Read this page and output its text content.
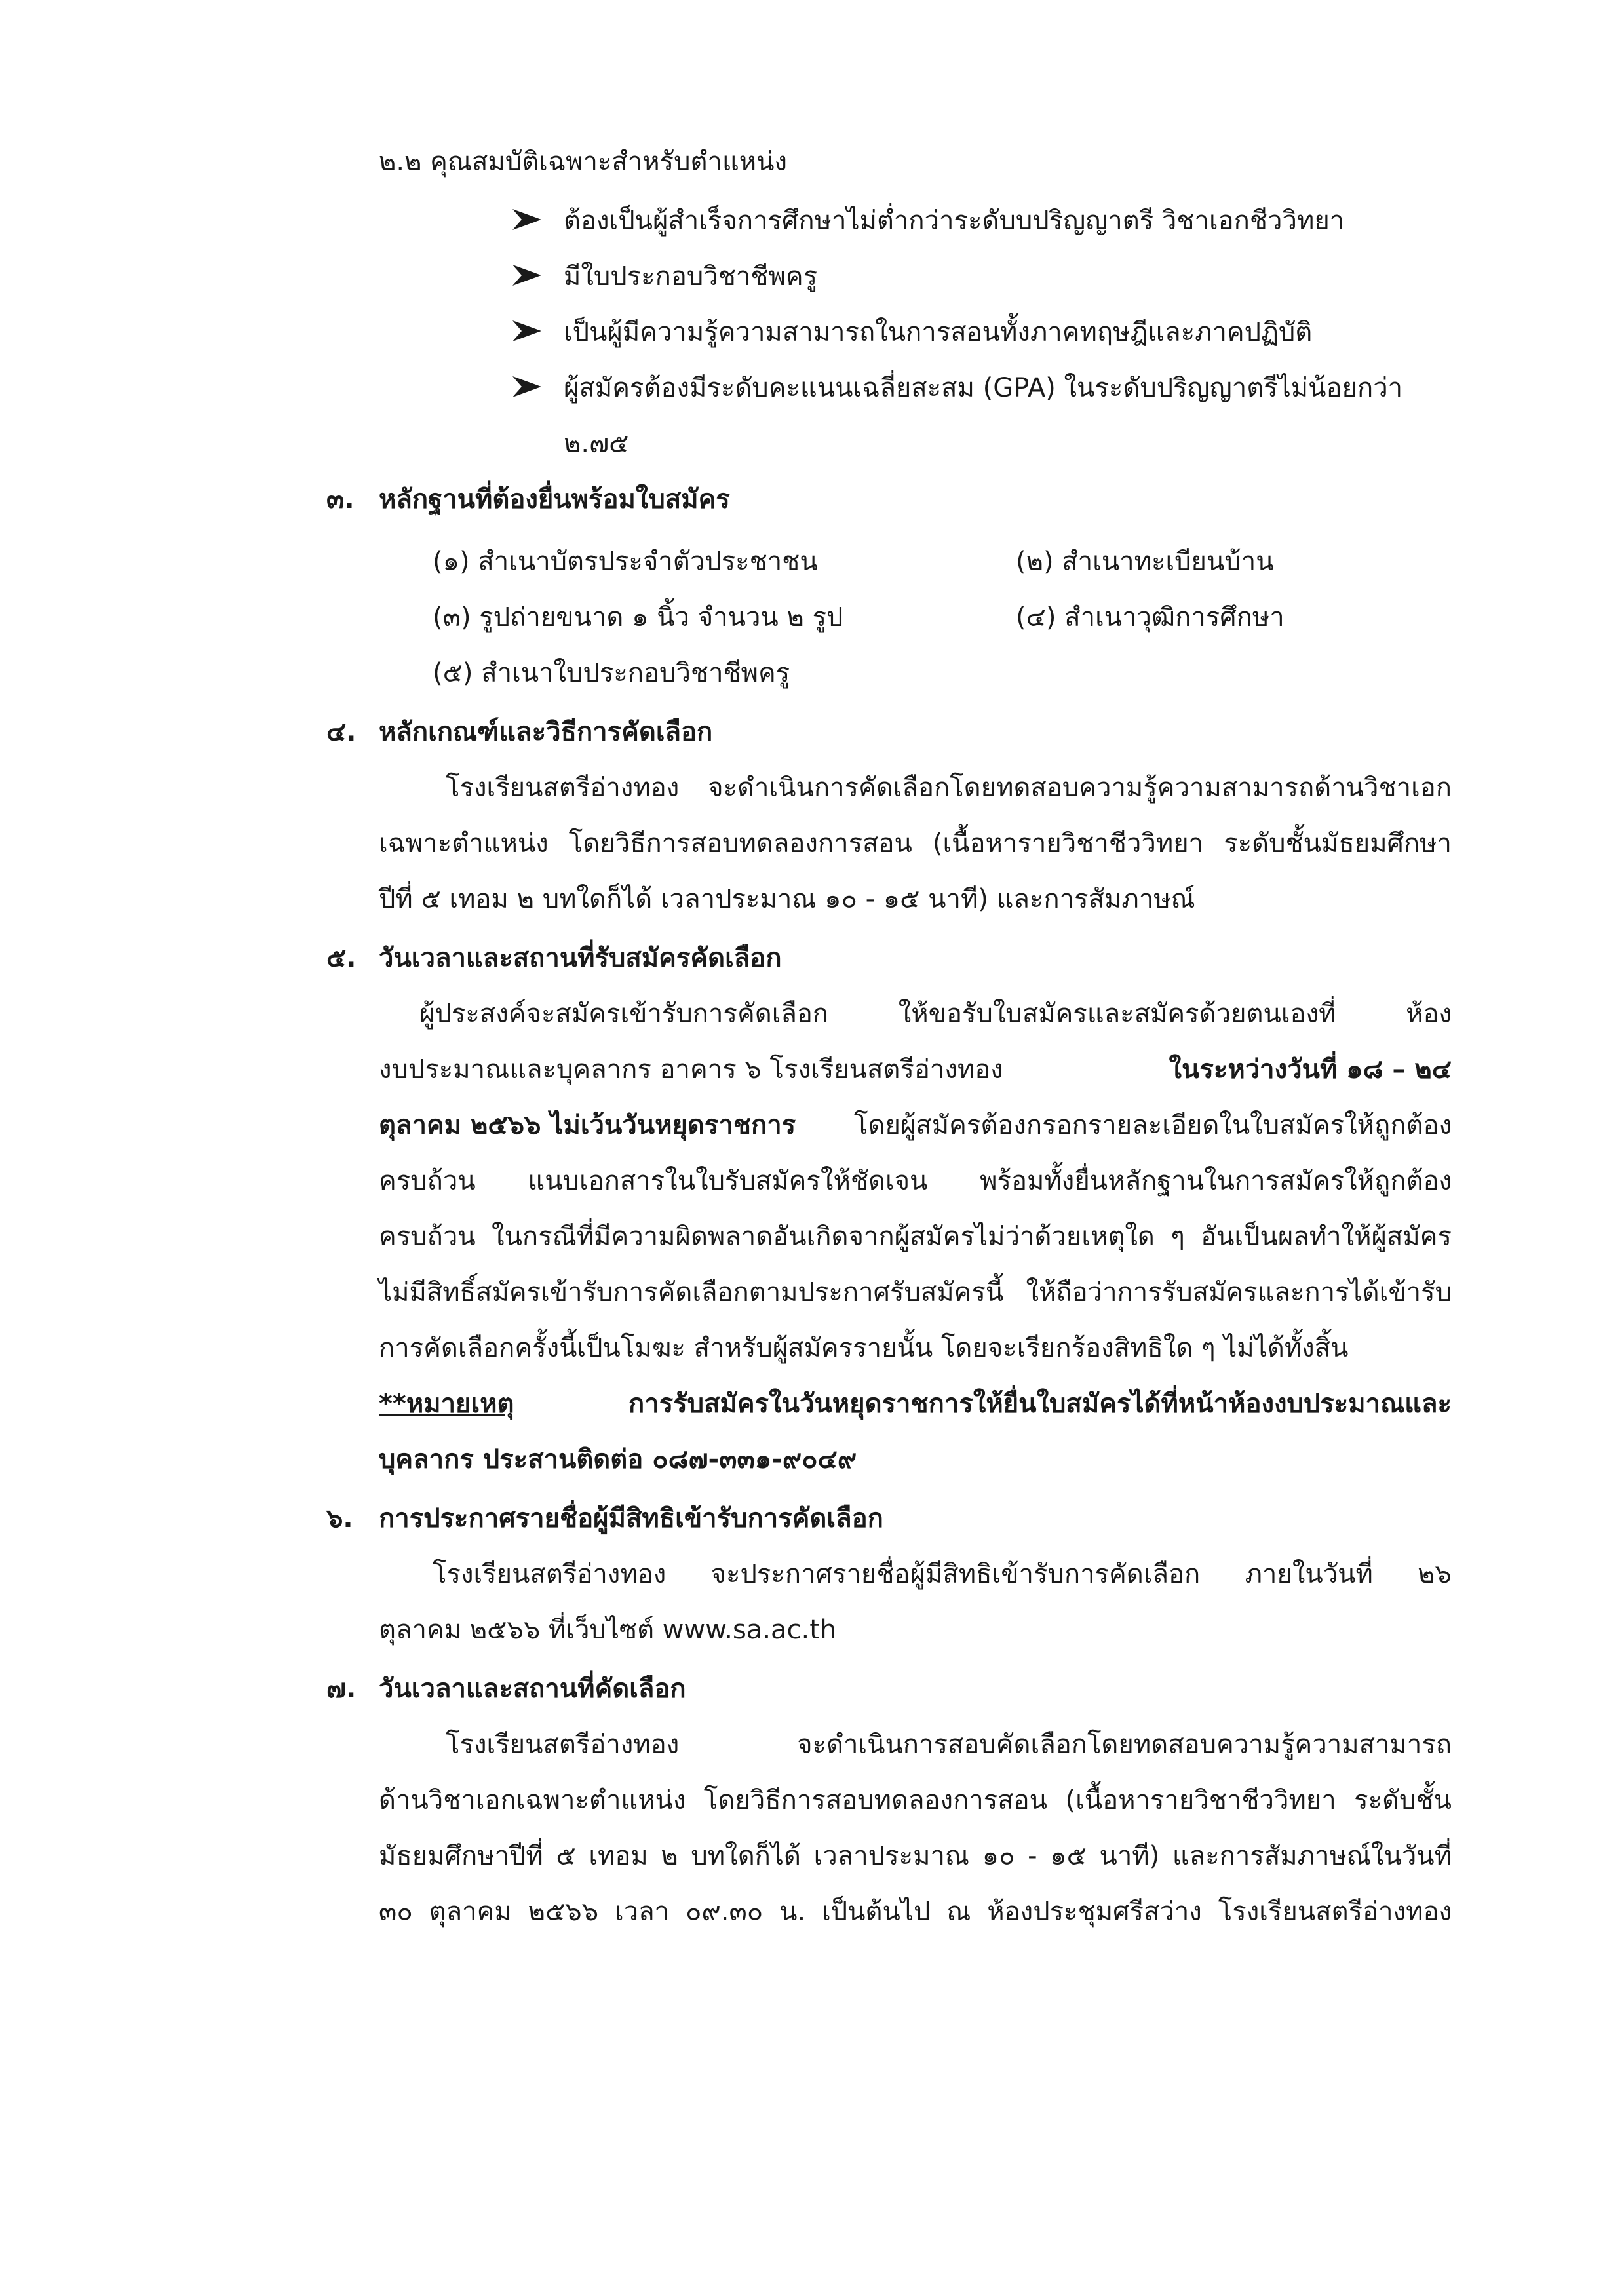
๒.๒ คุณสมบัติเฉพาะสำหรับตำแหน่ง
ต้องเป็นผู้สำเร็จการศึกษาไม่ต่ำกว่าระดับบปริญญาตรี วิชาเอกชีววิทยา
มีใบประกอบวิชาชีพครู
เป็นผู้มีความรู้ความสามารถในการสอนทั้งภาคทฤษฎีและภาคปฏิบัติ
ผู้สมัครต้องมีระดับคะแนนเฉลี่ยสะสม (GPA) ในระดับปริญญาตรีไม่น้อยกว่า
๒.๗๕
๓. หลักฐานที่ต้องยื่นพร้อมใบสมัคร
(๑) สำเนาบัตรประจำตัวประชาชน	(๒) สำเนาทะเบียนบ้าน
(๓) รูปถ่ายขนาด ๑ นิ้ว จำนวน ๒ รูป	(๔) สำเนาวุฒิการศึกษา
(๕) สำเนาใบประกอบวิชาชีพครู
๔. หลักเกณฑ์และวิธีการคัดเลือก
โรงเรียนสตรีอ่างทอง จะดำเนินการคัดเลือกโดยทดสอบความรู้ความสามารถด้านวิชาเอก
เฉพาะตำแหน่ง โดยวิธีการสอบทดลองการสอน (เนื้อหารายวิชาชีววิทยา ระดับชั้นมัธยมศึกษา
ปีที่ ๕ เทอม ๒ บทใดก็ได้ เวลาประมาณ ๑๐ - ๑๕ นาที) และการสัมภาษณ์
๕. วันเวลาและสถานที่รับสมัครคัดเลือก
ผู้ประสงค์จะสมัครเข้ารับการคัดเลือก ให้ขอรับใบสมัครและสมัครด้วยตนเองที่ ห้อง
งบประมาณและบุคลากร อาคาร ๖ โรงเรียนสตรีอ่างทอง	ในระหว่างวันที่ ๑๘ – ๒๔
ตุลาคม ๒๕๖๖ ไม่เว้นวันหยุดราชการ โดยผู้สมัครต้องกรอกรายละเอียดในใบสมัครให้ถูกต้อง
ครบถ้วน แนบเอกสารในใบรับสมัครให้ชัดเจน พร้อมทั้งยื่นหลักฐานในการสมัครให้ถูกต้อง
ครบถ้วน ในกรณีที่มีความผิดพลาดอันเกิดจากผู้สมัครไม่ว่าด้วยเหตุใด ๆ อันเป็นผลทำให้ผู้สมัคร
ไม่มีสิทธิ์สมัครเข้ารับการคัดเลือกตามประกาศรับสมัครนี้ ให้ถือว่าการรับสมัครและการได้เข้ารับ
การคัดเลือกครั้งนี้เป็นโมฆะ สำหรับผู้สมัครรายนั้น โดยจะเรียกร้องสิทธิใด ๆ ไม่ได้ทั้งสิ้น
**หมายเหตุ	การรับสมัครในวันหยุดราชการให้ยื่นใบสมัครได้ที่หน้าห้องงบประมาณและ
บุคลากร ประสานติดต่อ ๐๘๗-๓๓๑-๙๐๔๙
๖. การประกาศรายชื่อผู้มีสิทธิเข้ารับการคัดเลือก
โรงเรียนสตรีอ่างทอง จะประกาศรายชื่อผู้มีสิทธิเข้ารับการคัดเลือก ภายในวันที่ ๒๖
ตุลาคม ๒๕๖๖ ที่เว็บไซต์ www.sa.ac.th
๗. วันเวลาและสถานที่คัดเลือก
โรงเรียนสตรีอ่างทอง จะดำเนินการสอบคัดเลือกโดยทดสอบความรู้ความสามารถ
ด้านวิชาเอกเฉพาะตำแหน่ง โดยวิธีการสอบทดลองการสอน (เนื้อหารายวิชาชีววิทยา ระดับชั้น
มัธยมศึกษาปีที่ ๕ เทอม ๒ บทใดก็ได้ เวลาประมาณ ๑๐ - ๑๕ นาที) และการสัมภาษณ์ในวันที่
๓๐ ตุลาคม ๒๕๖๖ เวลา ๐๙.๓๐ น. เป็นต้นไป ณ ห้องประชุมศรีสว่าง โรงเรียนสตรีอ่างทอง
